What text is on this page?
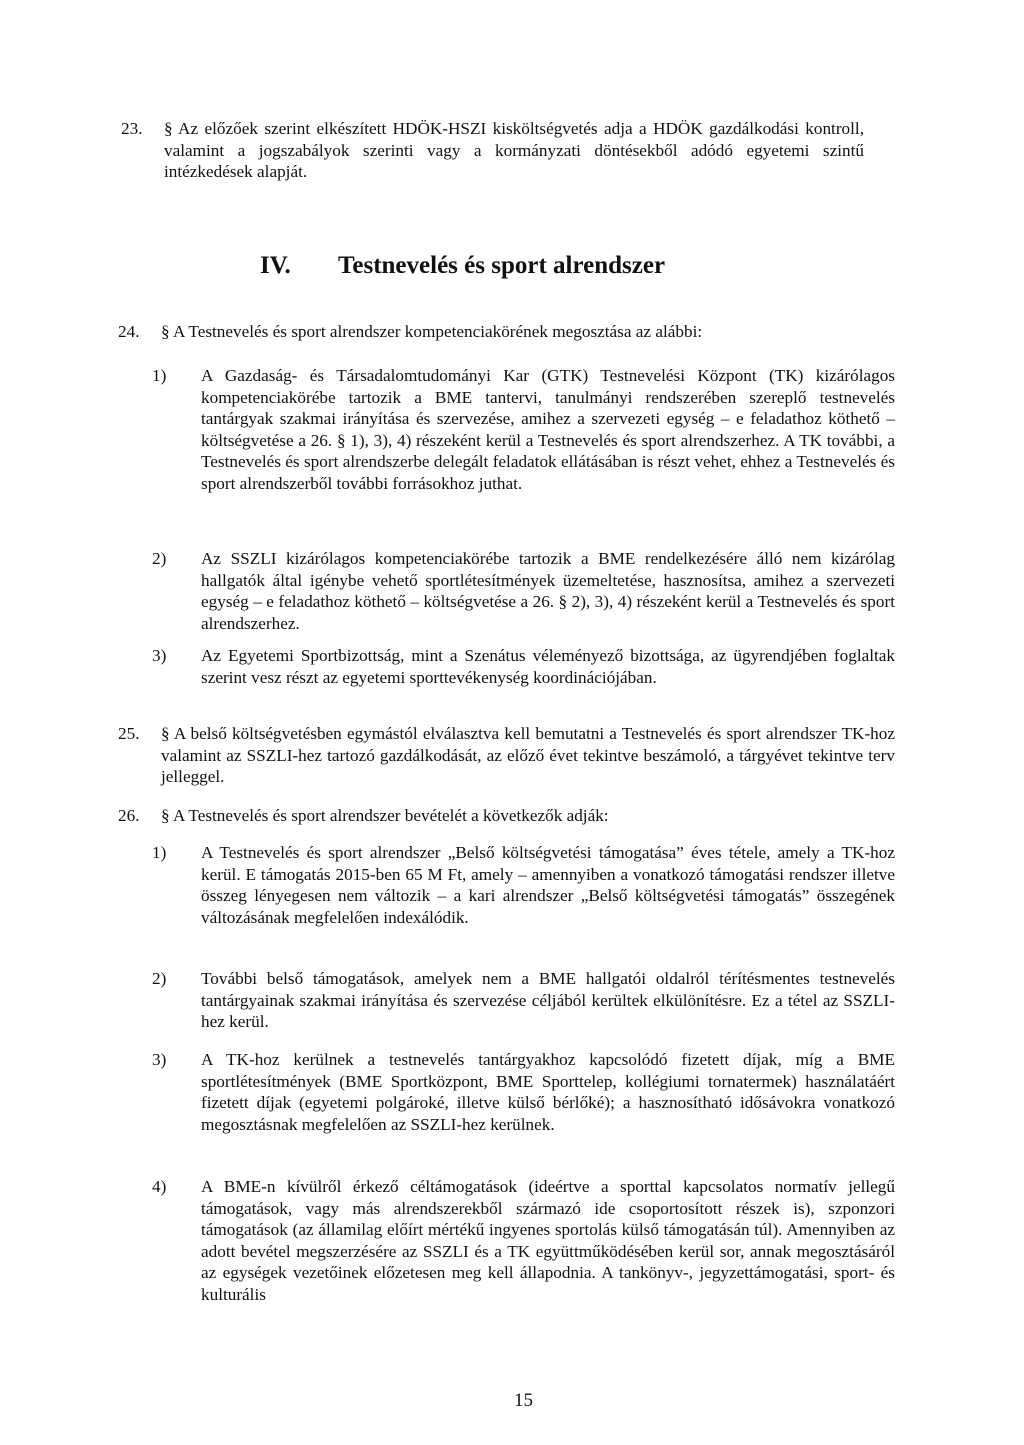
23. § Az előzőek szerint elkészített HDÖK-HSZI kisköltségvetés adja a HDÖK gazdálkodási kontroll, valamint a jogszabályok szerinti vagy a kormányzati döntésekből adódó egyetemi szintű intézkedések alapját.
IV. Testnevelés és sport alrendszer
24. § A Testnevelés és sport alrendszer kompetenciakörének megosztása az alábbi:
1) A Gazdaság- és Társadalomtudományi Kar (GTK) Testnevelési Központ (TK) kizárólagos kompetenciakörébe tartozik a BME tantervi, tanulmányi rendszerében szereplő testnevelés tantárgyak szakmai irányítása és szervezése, amihez a szervezeti egység – e feladathoz köthető – költségvetése a 26. § 1), 3), 4) részeként kerül a Testnevelés és sport alrendszerhez. A TK további, a Testnevelés és sport alrendszerbe delegált feladatok ellátásában is részt vehet, ehhez a Testnevelés és sport alrendszerből további forrásokhoz juthat.
2) Az SSZLI kizárólagos kompetenciakörébe tartozik a BME rendelkezésére álló nem kizárólag hallgatók által igénybe vehető sportlétesítmények üzemeltetése, hasznosítsa, amihez a szervezeti egység – e feladathoz köthető – költségvetése a 26. § 2), 3), 4) részeként kerül a Testnevelés és sport alrendszerhez.
3) Az Egyetemi Sportbizottság, mint a Szenátus véleményező bizottsága, az ügyrendjében foglaltak szerint vesz részt az egyetemi sporttevékenység koordinációjában.
25. § A belső költségvetésben egymástól elválasztva kell bemutatni a Testnevelés és sport alrendszer TK-hoz valamint az SSZLI-hez tartozó gazdálkodását, az előző évet tekintve beszámoló, a tárgyévet tekintve terv jelleggel.
26. § A Testnevelés és sport alrendszer bevételét a következők adják:
1) A Testnevelés és sport alrendszer „Belső költségvetési támogatása” éves tétele, amely a TK-hoz kerül. E támogatás 2015-ben 65 M Ft, amely – amennyiben a vonatkozó támogatási rendszer illetve összeg lényegesen nem változik – a kari alrendszer „Belső költségvetési támogatás” összegének változásának megfelelően indexálódik.
2) További belső támogatások, amelyek nem a BME hallgatói oldalról térítésmentes testnevelés tantárgyainak szakmai irányítása és szervezése céljából kerültek elkülönítésre. Ez a tétel az SSZLI-hez kerül.
3) A TK-hoz kerülnek a testnevelés tantárgyakhoz kapcsolódó fizetett díjak, míg a BME sportlétesítmények (BME Sportközpont, BME Sporttelep, kollégiumi tornatermek) használatáért fizetett díjak (egyetemi polgároké, illetve külső bérlőké); a hasznosítható idősávokra vonatkozó megosztásnak megfelelően az SSZLI-hez kerülnek.
4) A BME-n kívülről érkező céltámogatások (ideértve a sporttal kapcsolatos normatív jellegű támogatások, vagy más alrendszerekből származó ide csoportosított részek is), szponzori támogatások (az államilag előírt mértékű ingyenes sportolás külső támogatásán túl). Amennyiben az adott bevétel megszerzésére az SSZLI és a TK együttműködésében kerül sor, annak megosztásáról az egységek vezetőinek előzetesen meg kell állapodnia. A tankönyv-, jegyzettámogatási, sport- és kulturális
15
